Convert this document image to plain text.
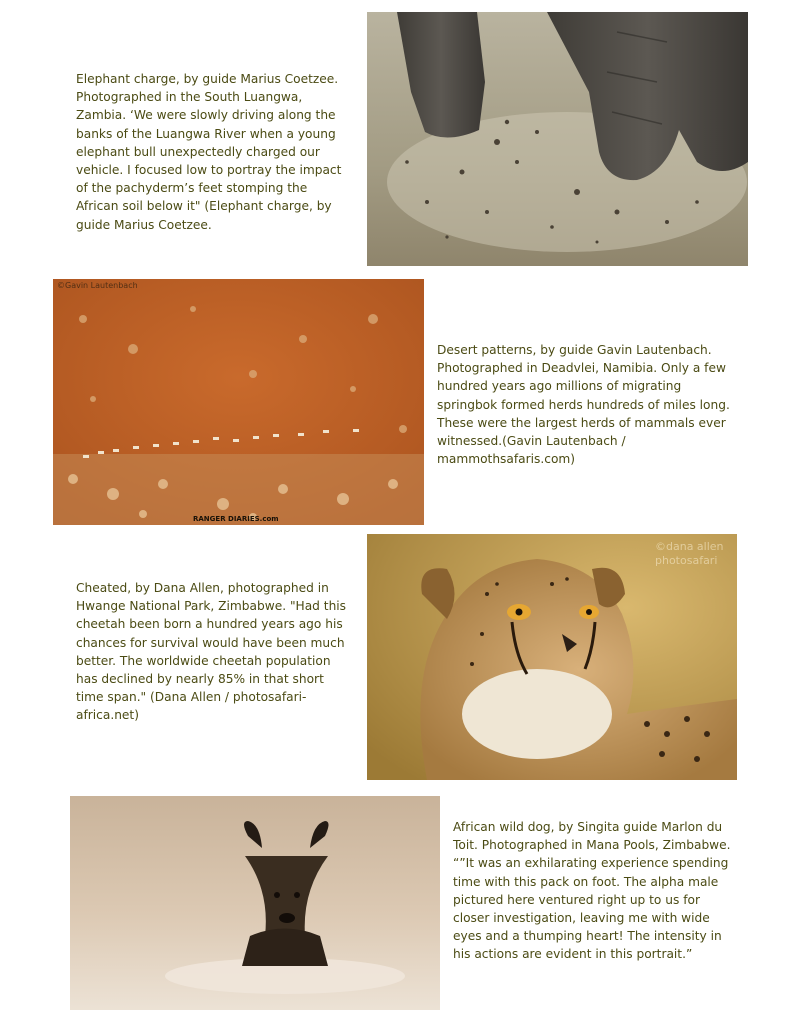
Elephant charge, by guide Marius Coetzee. Photographed in the South Luangwa, Zambia. ‘We were slowly driving along the banks of the Luangwa River when a young elephant bull unexpectedly charged our vehicle. I focused low to portray the impact of the pachyderm’s feet stomping the African soil below it" (Elephant charge, by guide Marius Coetzee.
©Gavin Lautenbach
RANGER DIARIES.com
Desert patterns, by guide Gavin Lautenbach. Photographed in Deadvlei, Namibia. Only a few hundred years ago millions of migrating springbok formed herds hundreds of miles long. These were the largest herds of mammals ever witnessed.(Gavin Lautenbach / mammothsafaris.com)
Cheated, by Dana Allen, photographed in Hwange National Park, Zimbabwe. "Had this cheetah been born a hundred years ago his chances for survival would have been much better. The worldwide cheetah population has declined by nearly 85% in that short time span." (Dana Allen / photosafari-africa.net)
©dana allen
photosafari
African wild dog, by Singita guide Marlon du Toit. Photographed in Mana Pools, Zimbabwe. “”It was an exhilarating experience spending time with this pack on foot. The alpha male pictured here ventured right up to us for closer investigation, leaving me with wide eyes and a thumping heart! The intensity in his actions are evident in this portrait.”
